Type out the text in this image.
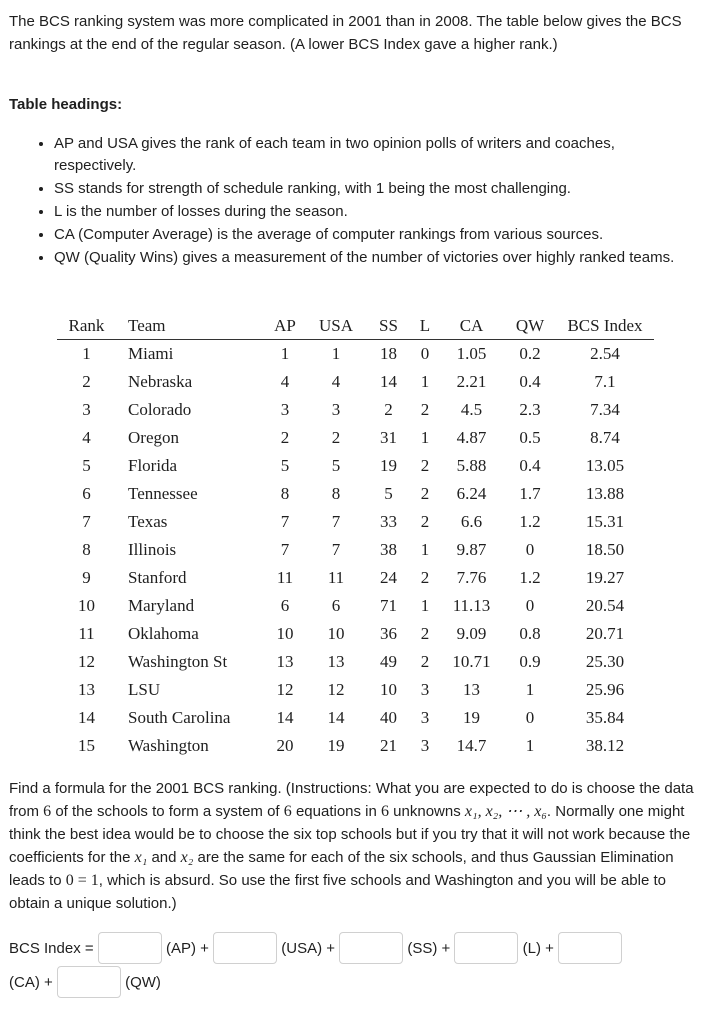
The BCS ranking system was more complicated in 2001 than in 2008. The table below gives the BCS rankings at the end of the regular season. (A lower BCS Index gave a higher rank.)
Table headings:
• AP and USA gives the rank of each team in two opinion polls of writers and coaches, respectively.
• SS stands for strength of schedule ranking, with 1 being the most challenging.
• L is the number of losses during the season.
• CA (Computer Average) is the average of computer rankings from various sources.
• QW (Quality Wins) gives a measurement of the number of victories over highly ranked teams.
Rank	Team	AP	USA	SS	L	CA	QW	BCS Index
1	Miami	1	1	18	0	1.05	0.2	2.54
2	Nebraska	4	4	14	1	2.21	0.4	7.1
3	Colorado	3	3	2	2	4.5	2.3	7.34
4	Oregon	2	2	31	1	4.87	0.5	8.74
5	Florida	5	5	19	2	5.88	0.4	13.05
6	Tennessee	8	8	5	2	6.24	1.7	13.88
7	Texas	7	7	33	2	6.6	1.2	15.31
8	Illinois	7	7	38	1	9.87	0	18.50
9	Stanford	11	11	24	2	7.76	1.2	19.27
10	Maryland	6	6	71	1	11.13	0	20.54
11	Oklahoma	10	10	36	2	9.09	0.8	20.71
12	Washington St	13	13	49	2	10.71	0.9	25.30
13	LSU	12	12	10	3	13	1	25.96
14	South Carolina	14	14	40	3	19	0	35.84
15	Washington	20	19	21	3	14.7	1	38.12
Find a formula for the 2001 BCS ranking. (Instructions: What you are expected to do is choose the data from 6 of the schools to form a system of 6 equations in 6 unknowns x₁, x₂, ⋯ , x₆. Normally one might think the best idea would be to choose the six top schools but if you try that it will not work because the coefficients for the x₁ and x₂ are the same for each of the six schools, and thus Gaussian Elimination leads to 0 = 1, which is absurd. So use the first five schools and Washington and you will be able to obtain a unique solution.)
BCS Index =	(AP) +	(USA) +	(SS) +	(L) +
(CA) +	(QW)
